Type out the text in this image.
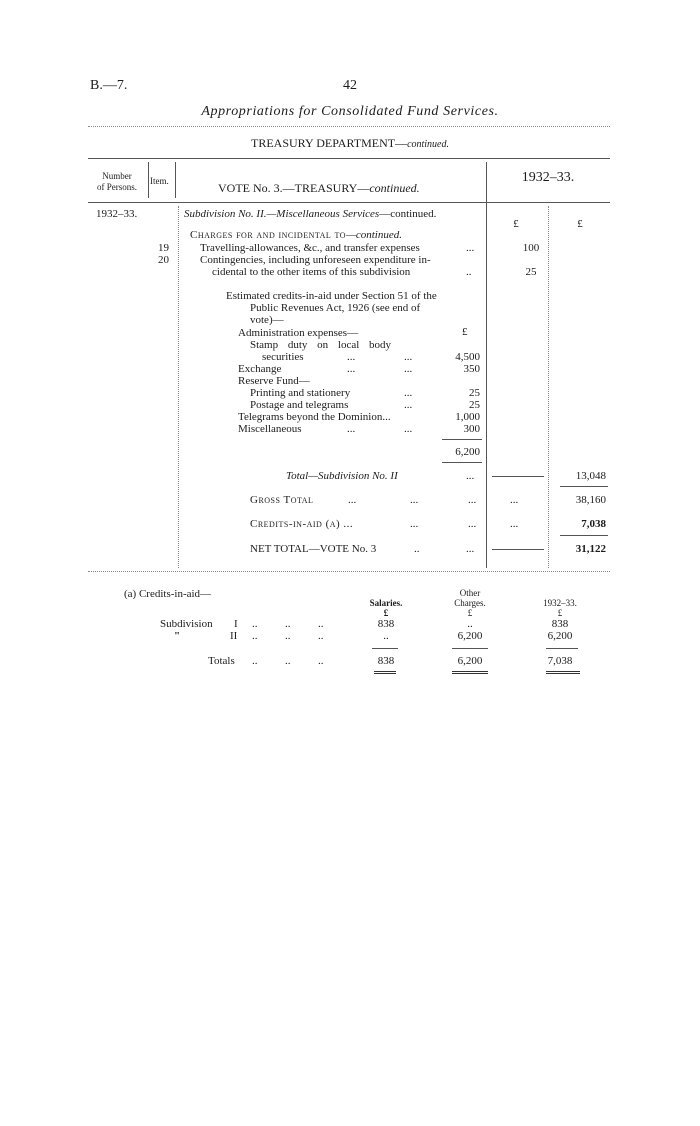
B.—7.	42
Appropriations for Consolidated Fund Services.
TREASURY DEPARTMENT—continued.
Number
of Persons.
Item.	VOTE No. 3.—TREASURY—continued.
1932–33.
1932–33.	Subdivision No. II.—Miscellaneous Services—continued.
£	£
Charges for and incidental to—continued.
19	Travelling-allowances, &c., and transfer expenses	...	100
20	Contingencies, including unforeseen expenditure in-
cidental to the other items of this subdivision	..	25
Estimated credits-in-aid under Section 51 of the
Public Revenues Act, 1926 (see end of
vote)—
£
Administration expenses—
Stamp duty on local body
securities	...	...	4,500
Exchange	...	...	350
Reserve Fund—
Printing and stationery	...	25
Postage and telegrams	...	25
Telegrams beyond the Dominion...	1,000
Miscellaneous	...	...	300
6,200
Total—Subdivision No. II	...	13,048
Gross Total	...	...	...	...	38,160
Credits-in-aid (a) ...	...	...	...	7,038
NET TOTAL—VOTE No. 3	..	...	31,122
(a) Credits-in-aid—
Salaries.
£
Other
Charges.
£
1932–33.
£
Subdivision I ..          ..          ..	838	..	838
"	II ..          ..          ..	..	6,200	6,200
Totals ..          ..          ..	838	6,200	7,038
